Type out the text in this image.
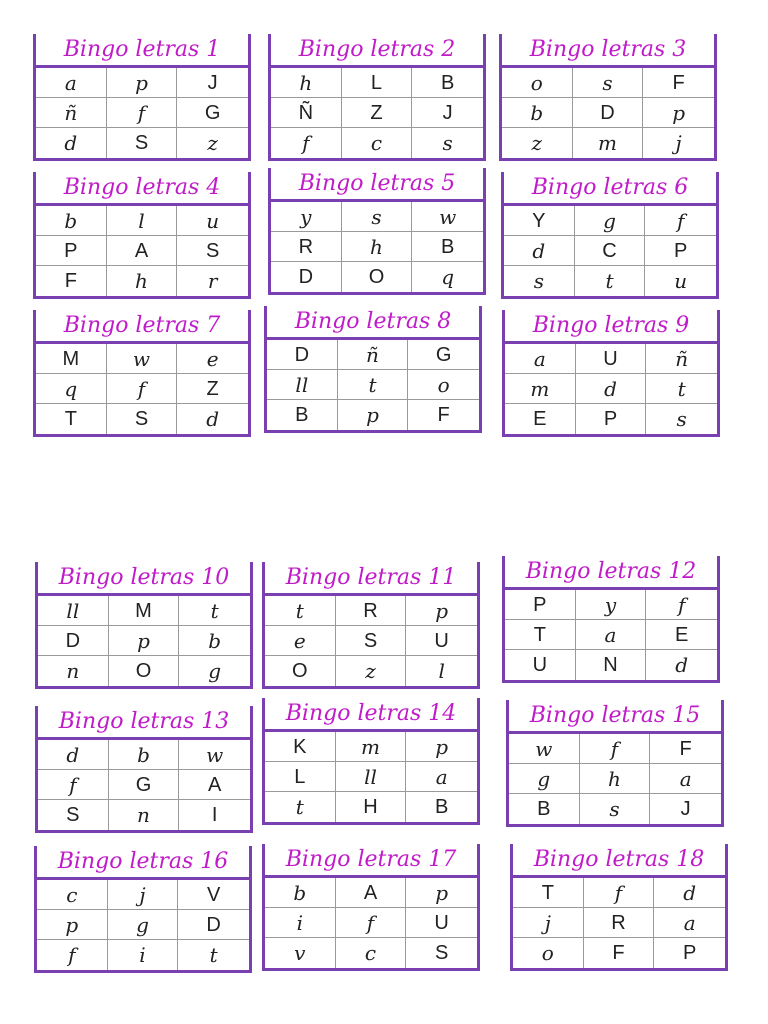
Bingo letras 1
a	p	J
ñ	f	G
d	S	z
Bingo letras 2
h	L	B
Ñ	Z	J
f	c	s
Bingo letras 3
o	s	F
b	D	p
z	m	j
Bingo letras 4
b	l	u
P	A	S
F	h	r
Bingo letras 5
y	s	w
R	h	B
D	O	q
Bingo letras 6
Y	g	f
d	C	P
s	t	u
Bingo letras 7
M	w	e
q	f	Z
T	S	d
Bingo letras 8
D	ñ	G
ll	t	o
B	p	F
Bingo letras 9
a	U	ñ
m	d	t
E	P	s
Bingo letras 10
ll	M	t
D	p	b
n	O	g
Bingo letras 11
t	R	p
e	S	U
O	z	l
Bingo letras 12
P	y	f
T	a	E
U	N	d
Bingo letras 13
d	b	w
f	G	A
S	n	I
Bingo letras 14
K	m	p
L	ll	a
t	H	B
Bingo letras 15
w	f	F
g	h	a
B	s	J
Bingo letras 16
c	j	V
p	g	D
f	i	t
Bingo letras 17
b	A	p
i	f	U
v	c	S
Bingo letras 18
T	f	d
j	R	a
o	F	P
